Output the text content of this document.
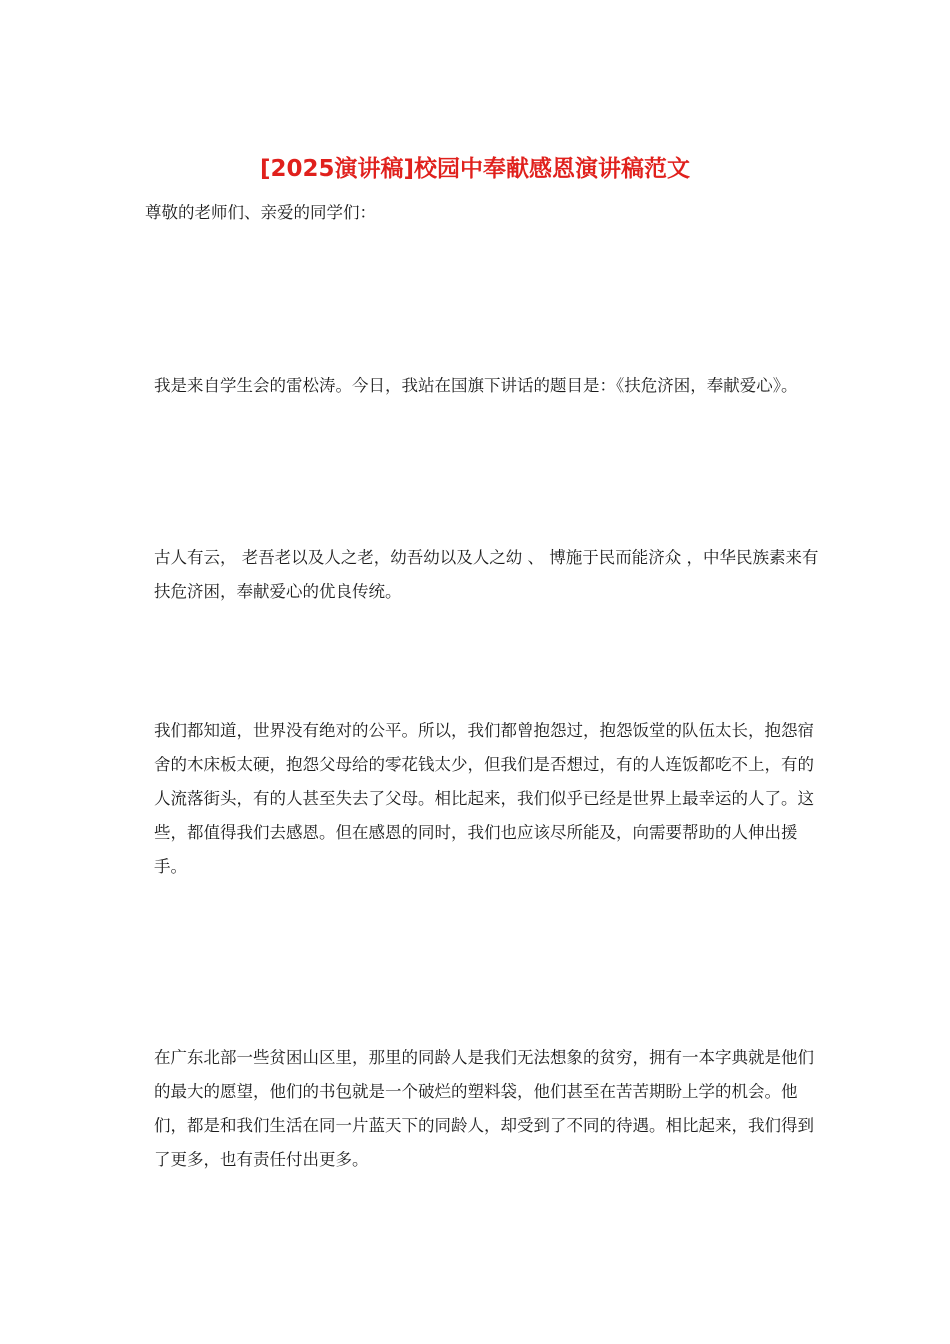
[2025演讲稿]校园中奉献感恩演讲稿范文

尊敬的老师们、亲爱的同学们：

我是来自学生会的雷松涛。今日，我站在国旗下讲话的题目是：《扶危济困，奉献爱心》。

古人有云， 老吾老以及人之老，幼吾幼以及人之幼 、 博施于民而能济众 ，中华民族素来有扶危济困，奉献爱心的优良传统。

我们都知道，世界没有绝对的公平。所以，我们都曾抱怨过，抱怨饭堂的队伍太长，抱怨宿舍的木床板太硬，抱怨父母给的零花钱太少，但我们是否想过，有的人连饭都吃不上，有的人流落街头，有的人甚至失去了父母。相比起来，我们似乎已经是世界上最幸运的人了。这些，都值得我们去感恩。但在感恩的同时，我们也应该尽所能及，向需要帮助的人伸出援手。

在广东北部一些贫困山区里，那里的同龄人是我们无法想象的贫穷，拥有一本字典就是他们的最大的愿望，他们的书包就是一个破烂的塑料袋，他们甚至在苦苦期盼上学的机会。他们，都是和我们生活在同一片蓝天下的同龄人，却受到了不同的待遇。相比起来，我们得到了更多，也有责任付出更多。
